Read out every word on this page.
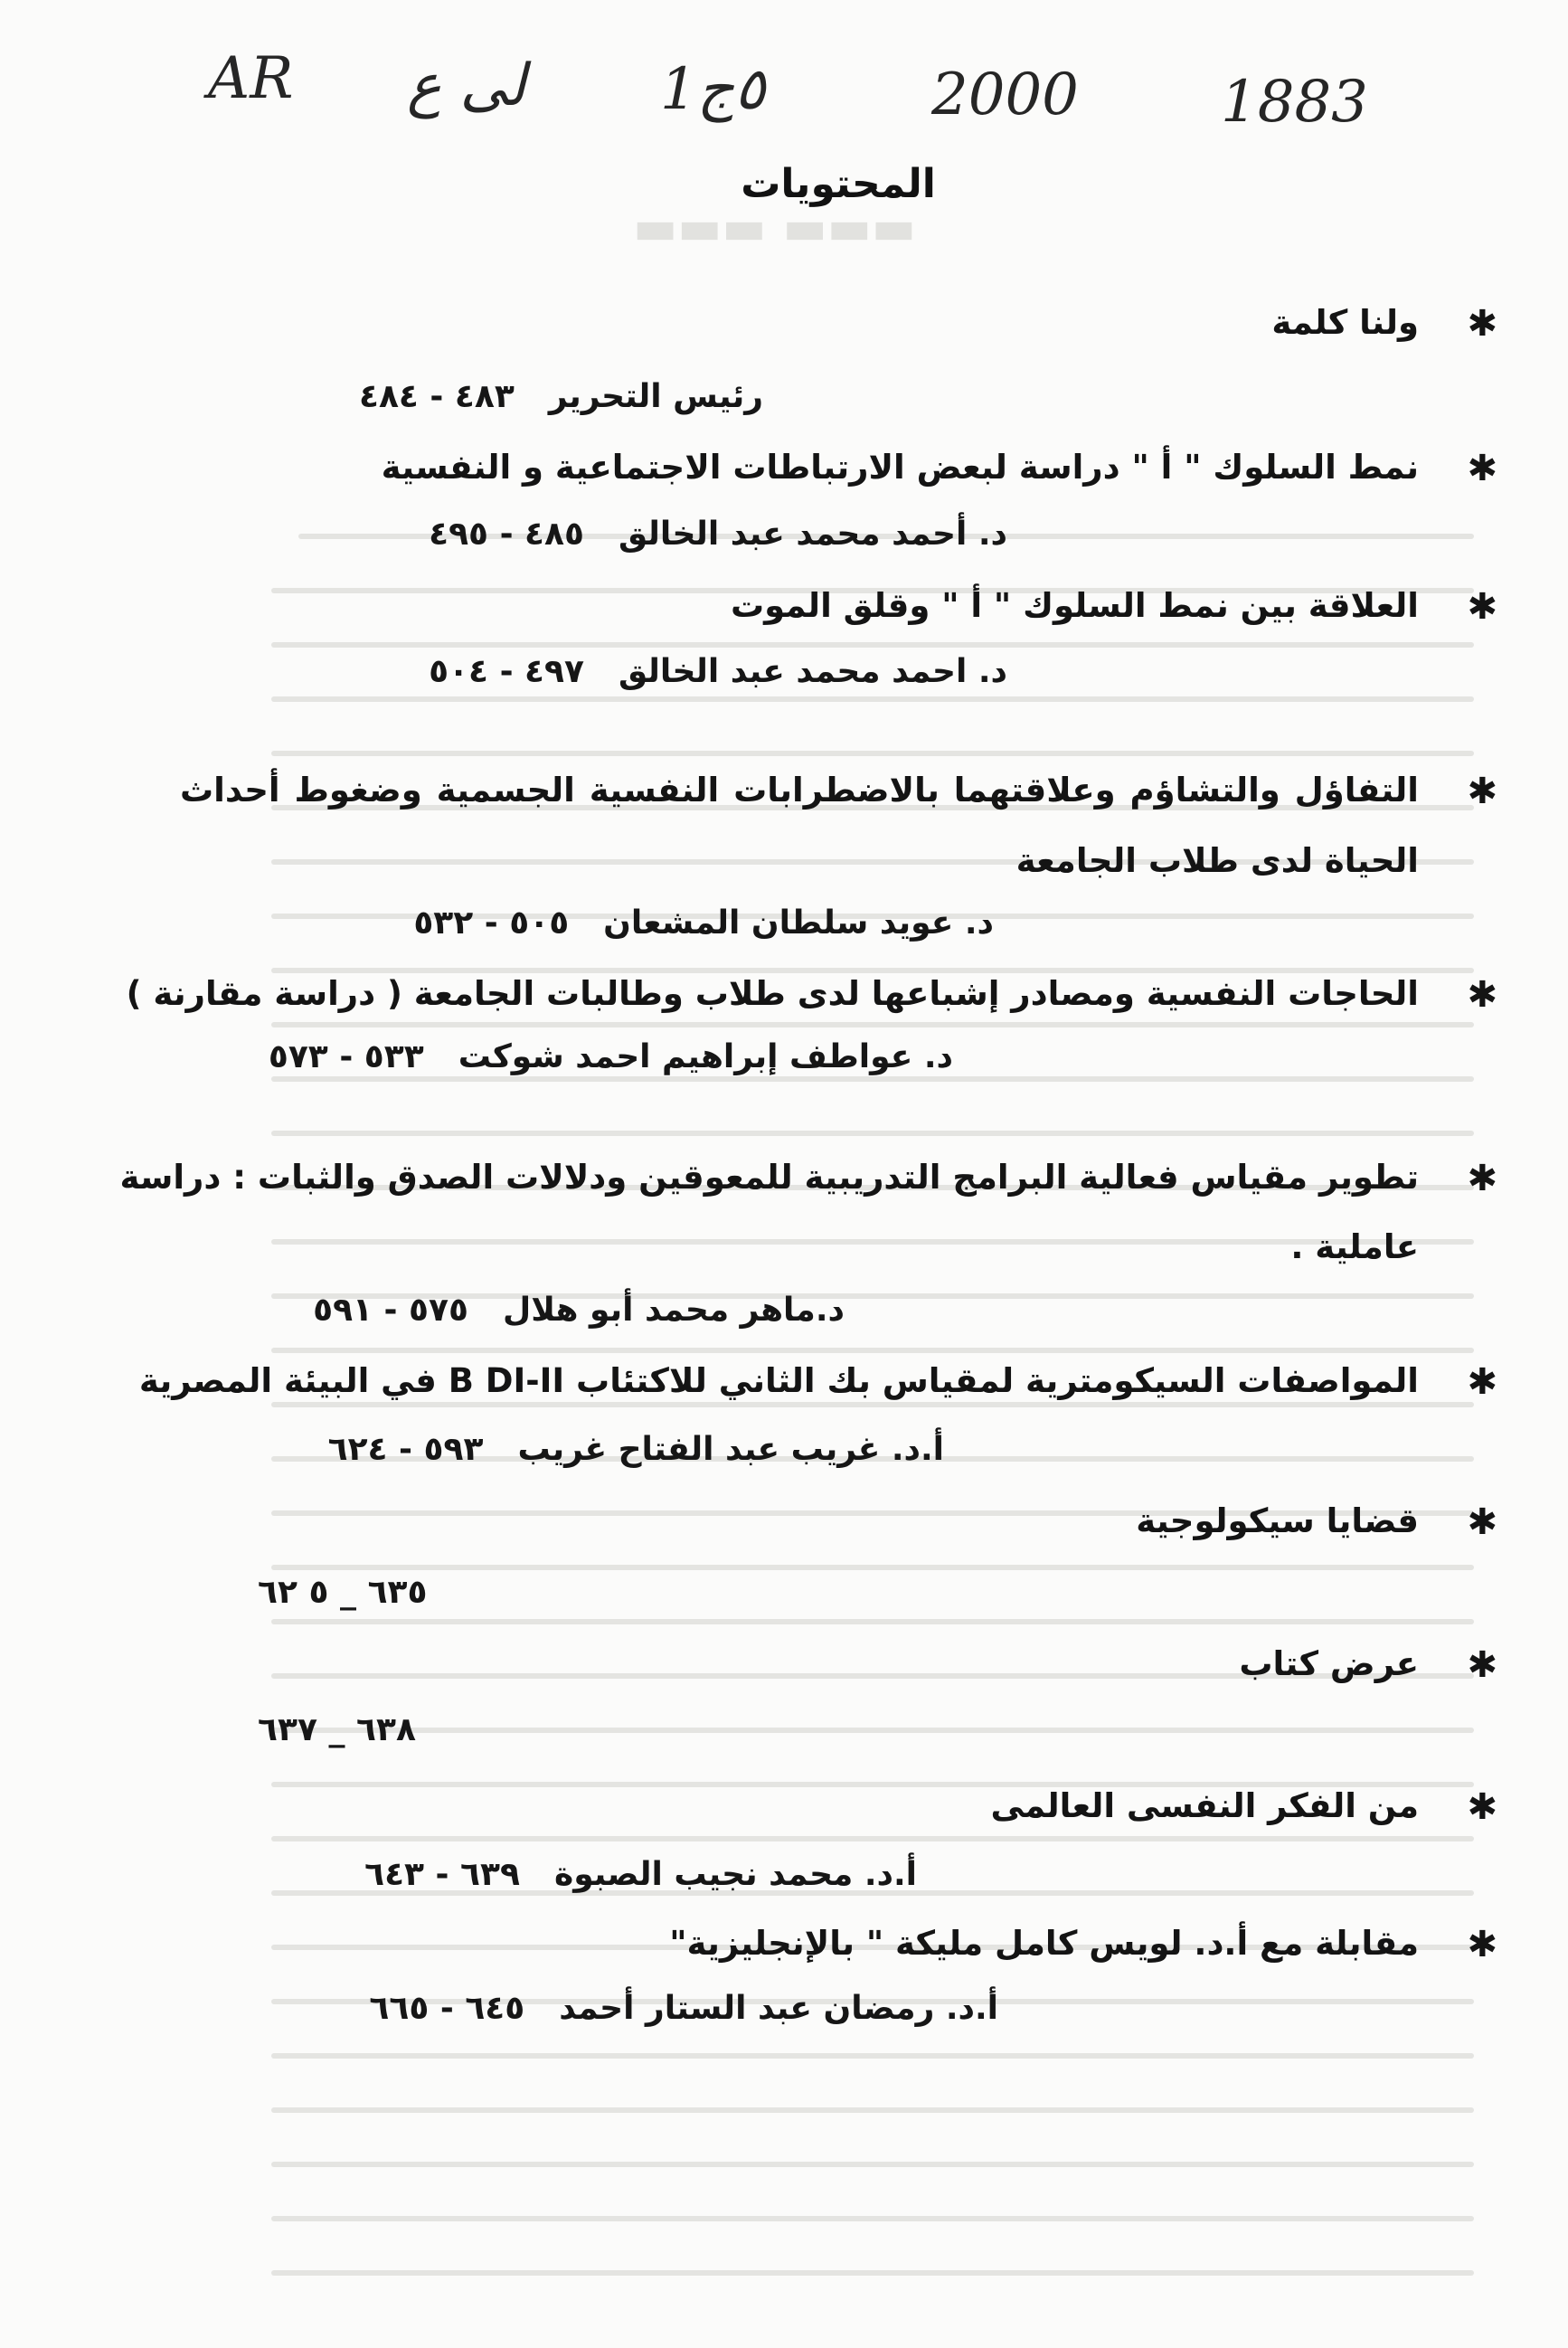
▬▬▬ ▬▬▬
AR ﻟﻰ ع 1٥ج	2000 1883
المحتويات
✱
ولنا كلمة
رئيس التحرير٤٨٣ - ٤٨٤
✱
نمط السلوك " أ " دراسة لبعض الارتباطات الاجتماعية و النفسية
د. أحمد محمد عبد الخالق٤٨٥ - ٤٩٥
✱
العلاقة بين نمط السلوك " أ " وقلق الموت
د. احمد محمد عبد الخالق٤٩٧ - ٥٠٤
✱
التفاؤل والتشاؤم وعلاقتهما بالاضطرابات النفسية الجسمية وضغوط أحداث
الحياة لدى طلاب الجامعة
د. عويد سلطان المشعان٥٠٥ - ٥٣٢
✱
الحاجات النفسية ومصادر إشباعها لدى طلاب وطالبات الجامعة ( دراسة مقارنة )
د. عواطف إبراهيم احمد شوكت٥٣٣ - ٥٧٣
✱
تطوير مقياس فعالية البرامج التدريبية للمعوقين ودلالات الصدق والثبات : دراسة
عاملية .
د.ماهر محمد أبو هلال٥٧٥ - ٥٩١
✱
المواصفات السيكومترية لمقياس بك الثاني للاكتئاب B DI-II في البيئة المصرية
أ.د. غريب عبد الفتاح غريب٥٩٣ - ٦٢٤
✱
قضايا سيكولوجية
٦٣٥ _ ٥ ٦٢
✱
عرض كتاب
٦٣٨ _ ٦٣٧
✱
من الفكر النفسى العالمى
أ.د. محمد نجيب الصبوة٦٣٩ - ٦٤٣
✱
مقابلة مع أ.د. لويس كامل مليكة " بالإنجليزية"
أ.د. رمضان عبد الستار أحمد٦٤٥ - ٦٦٥
